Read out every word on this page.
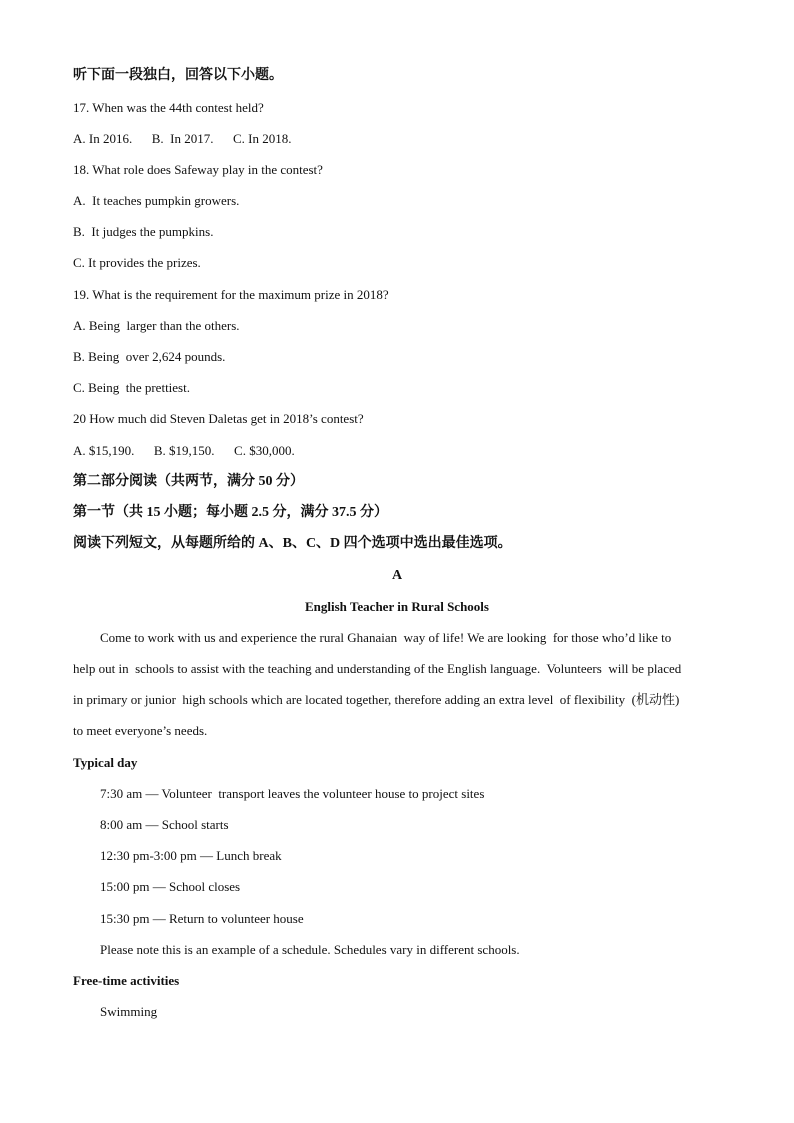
听下面一段独白，回答以下小题。
17. When was the 44th contest held?
A. In 2016.      B.  In 2017.      C. In 2018.
18. What role does Safeway play in the contest?
A.  It teaches pumpkin growers.
B.  It judges the pumpkins.
C. It provides the prizes.
19. What is the requirement for the maximum prize in 2018?
A. Being  larger than the others.
B. Being  over 2,624 pounds.
C. Being  the prettiest.
20 How much did Steven Daletas get in 2018’s contest?
A. $15,190.      B. $19,150.      C. $30,000.
第二部分阅读（共两节，满分 50 分）
第一节（共 15 小题；每小题 2.5 分，满分 37.5 分）
阅读下列短文，从每题所给的 A、B、C、D 四个选项中选出最佳选项。
A
English Teacher in Rural Schools
Come to work with us and experience the rural Ghanaian  way of life! We are looking  for those who’d like to
help out in  schools to assist with the teaching and understanding of the English language.  Volunteers  will be placed
in primary or junior  high schools which are located together, therefore adding an extra level  of flexibility  (机动性)
to meet everyone’s needs.
Typical day
7:30 am — Volunteer  transport leaves the volunteer house to project sites
8:00 am — School starts
12:30 pm-3:00 pm — Lunch break
15:00 pm — School closes
15:30 pm — Return to volunteer house
Please note this is an example of a schedule. Schedules vary in different schools.
Free-time activities
Swimming
